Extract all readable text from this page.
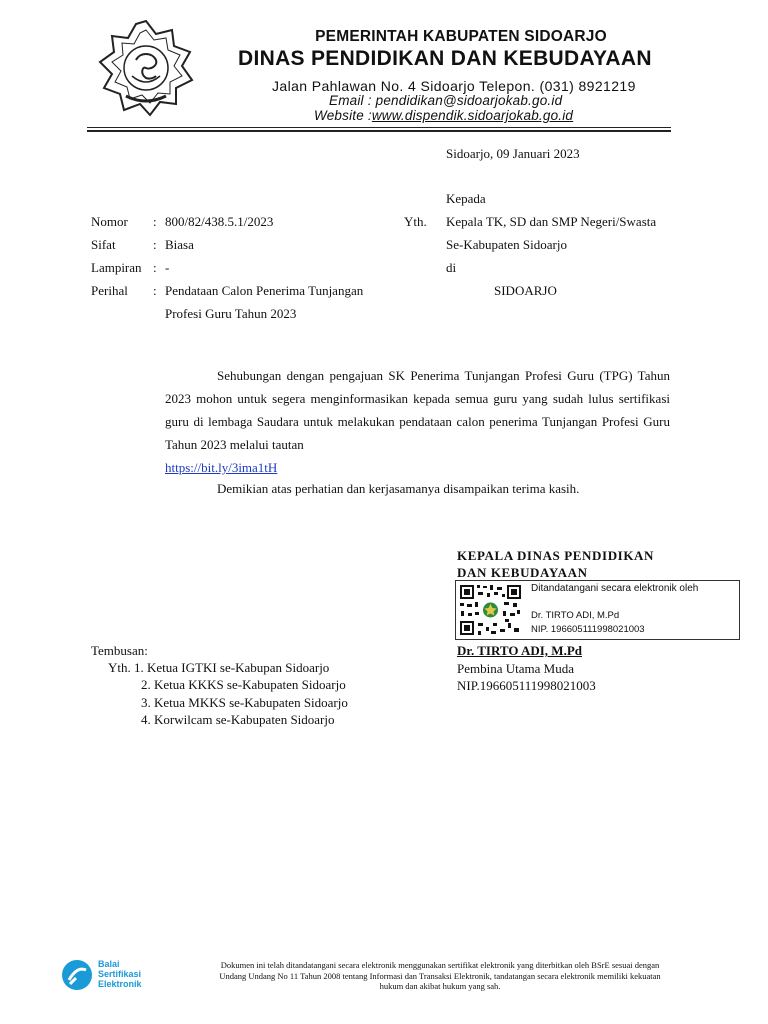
PEMERINTAH KABUPATEN SIDOARJO
DINAS PENDIDIKAN DAN KEBUDAYAAN
Jalan Pahlawan No. 4 Sidoarjo Telepon. (031) 8921219
Email : pendidikan@sidoarjokab.go.id
Website :www.dispendik.sidoarjokab.go.id
Sidoarjo, 09 Januari 2023
Kepada
Yth. Kepala TK, SD dan SMP Negeri/Swasta
Se-Kabupaten Sidoarjo
di
SIDOARJO
Nomor : 800/82/438.5.1/2023
Sifat	: Biasa
Lampiran : -
Perihal : Pendataan Calon Penerima Tunjangan
Profesi Guru Tahun 2023
Sehubungan dengan pengajuan SK Penerima Tunjangan Profesi Guru (TPG) Tahun 2023 mohon untuk segera menginformasikan kepada semua guru yang sudah lulus sertifikasi guru di lembaga Saudara untuk melakukan pendataan calon penerima Tunjangan Profesi Guru Tahun 2023 melalui tautan
https://bit.ly/3ima1tH
Demikian atas perhatian dan kerjasamanya disampaikan terima kasih.
KEPALA DINAS PENDIDIKAN
DAN KEBUDAYAAN
Ditandatangani secara elektronik oleh
Dr. TIRTO ADI, M.Pd
NIP. 196605111998021003
Dr. TIRTO ADI, M.Pd
Pembina Utama Muda
NIP.196605111998021003
Tembusan:
Yth. 1. Ketua IGTKI se-Kabupan Sidoarjo
2. Ketua KKKS se-Kabupaten Sidoarjo
3. Ketua MKKS se-Kabupaten Sidoarjo
4. Korwilcam se-Kabupaten Sidoarjo
Balai
Sertifikasi
Elektronik
Dokumen ini telah ditandatangani secara elektronik menggunakan sertifikat elektronik yang diterbitkan oleh BSrE sesuai dengan
Undang Undang No 11 Tahun 2008 tentang Informasi dan Transaksi Elektronik, tandatangan secara elektronik memiliki kekuatan
hukum dan akibat hukum yang sah.
